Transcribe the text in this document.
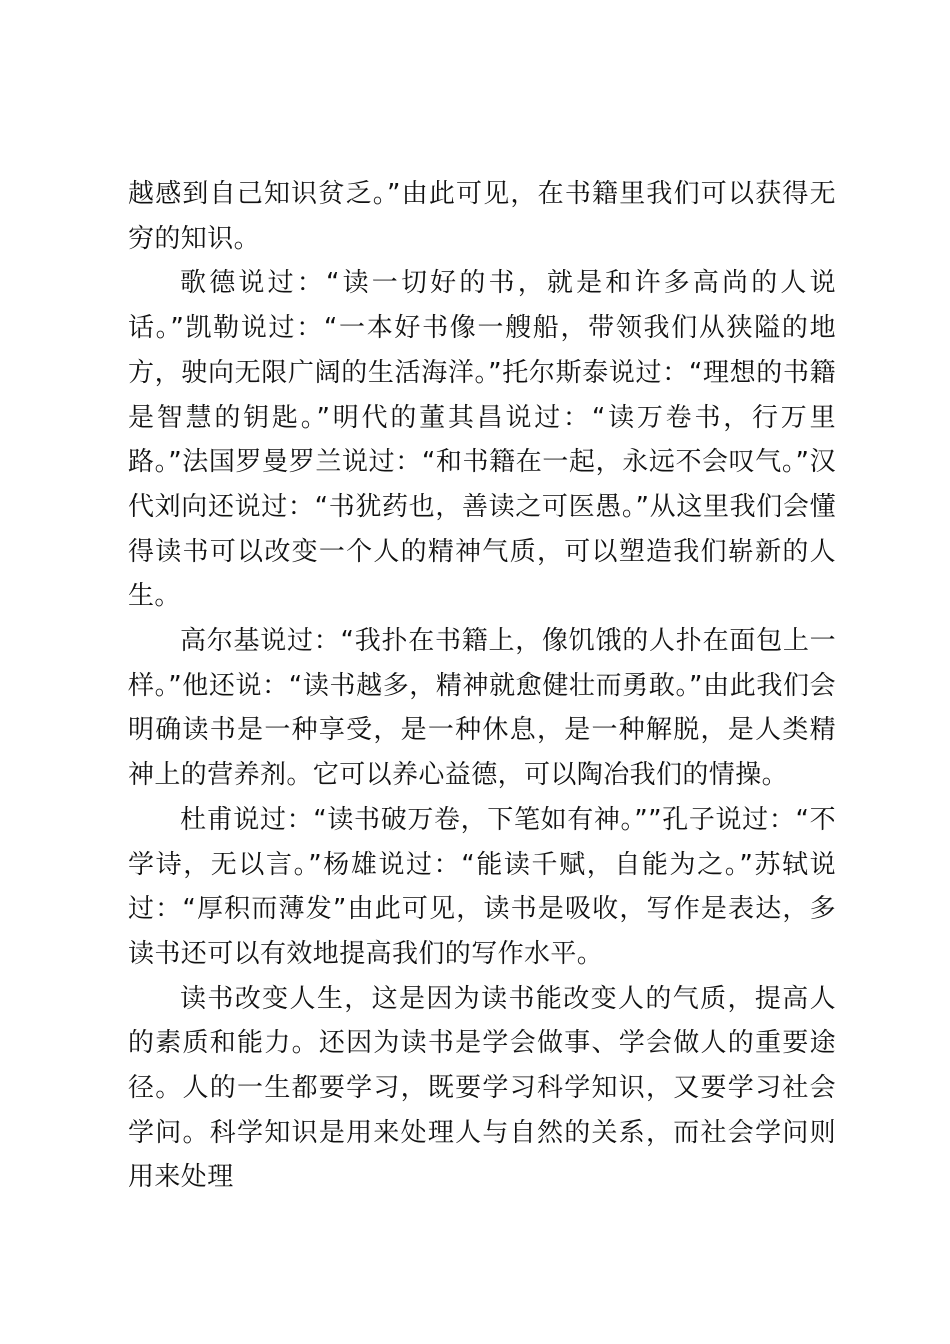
越感到自己知识贫乏。”由此可见，在书籍里我们可以获得无穷的知识。

歌德说过：“读一切好的书，就是和许多高尚的人说话。”凯勒说过：“一本好书像一艘船，带领我们从狭隘的地方，驶向无限广阔的生活海洋。”托尔斯泰说过：“理想的书籍是智慧的钥匙。”明代的董其昌说过：“读万卷书，行万里路。”法国罗曼罗兰说过：“和书籍在一起，永远不会叹气。”汉代刘向还说过：“书犹药也，善读之可医愚。”从这里我们会懂得读书可以改变一个人的精神气质，可以塑造我们崭新的人生。

高尔基说过：“我扑在书籍上，像饥饿的人扑在面包上一样。”他还说：“读书越多，精神就愈健壮而勇敢。”由此我们会明确读书是一种享受，是一种休息，是一种解脱，是人类精神上的营养剂。它可以养心益德，可以陶冶我们的情操。

杜甫说过：“读书破万卷，下笔如有神。””孔子说过：“不学诗，无以言。”杨雄说过：“能读千赋，自能为之。”苏轼说过：“厚积而薄发”由此可见，读书是吸收，写作是表达，多读书还可以有效地提高我们的写作水平。

读书改变人生，这是因为读书能改变人的气质，提高人的素质和能力。还因为读书是学会做事、学会做人的重要途径。人的一生都要学习，既要学习科学知识，又要学习社会学问。科学知识是用来处理人与自然的关系，而社会学问则用来处理
